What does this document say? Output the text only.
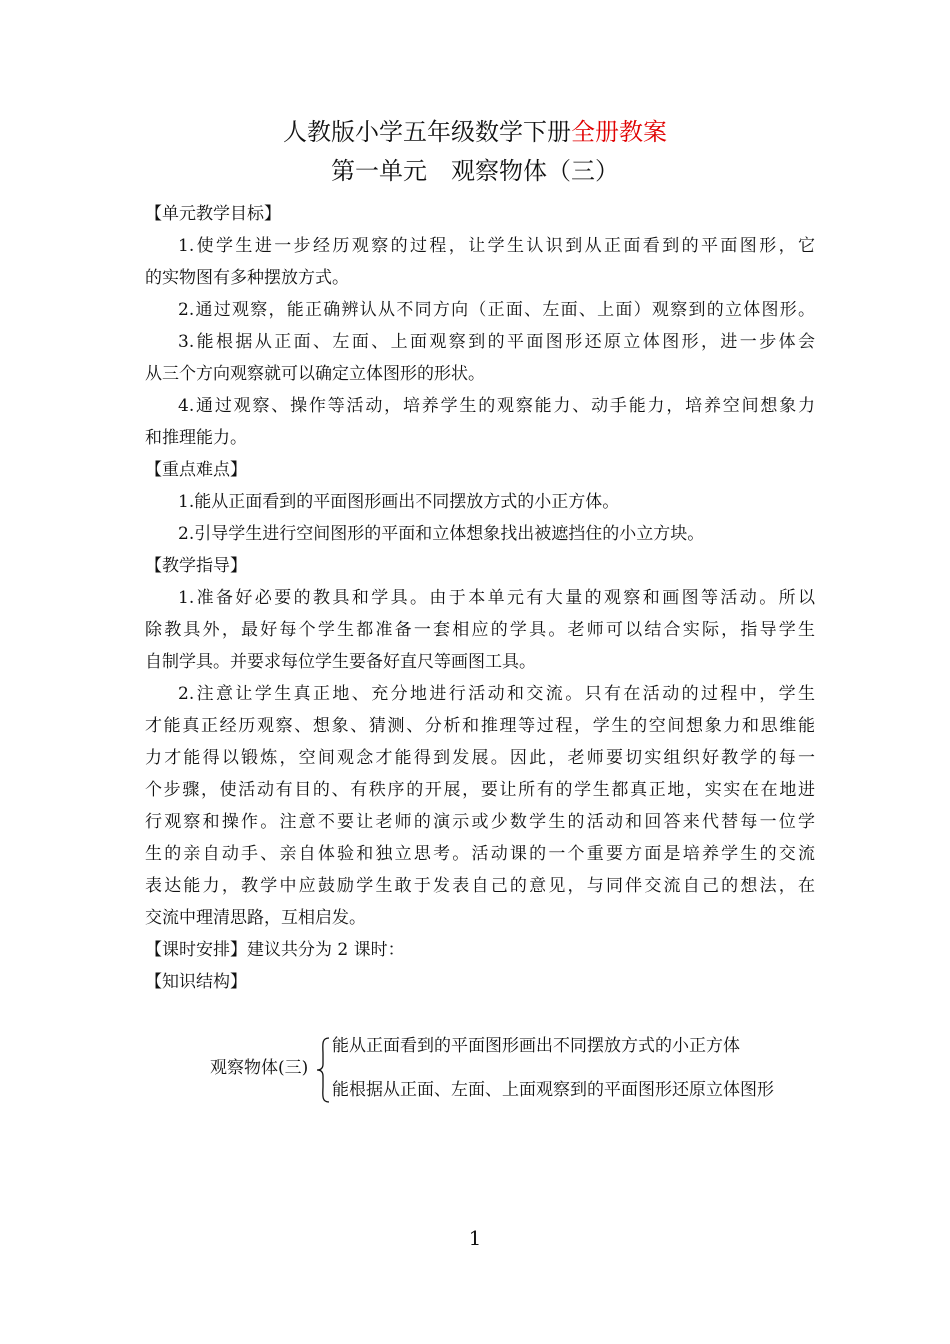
人教版小学五年级数学下册全册教案
第一单元　观察物体（三）
【单元教学目标】
1.使学生进一步经历观察的过程，让学生认识到从正面看到的平面图形，它
的实物图有多种摆放方式。
2.通过观察，能正确辨认从不同方向（正面、左面、上面）观察到的立体图形。
3.能根据从正面、左面、上面观察到的平面图形还原立体图形，进一步体会
从三个方向观察就可以确定立体图形的形状。
4.通过观察、操作等活动，培养学生的观察能力、动手能力，培养空间想象力
和推理能力。
【重点难点】
1.能从正面看到的平面图形画出不同摆放方式的小正方体。
2.引导学生进行空间图形的平面和立体想象找出被遮挡住的小立方块。
【教学指导】
1.准备好必要的教具和学具。由于本单元有大量的观察和画图等活动。所以
除教具外，最好每个学生都准备一套相应的学具。老师可以结合实际，指导学生
自制学具。并要求每位学生要备好直尺等画图工具。
2.注意让学生真正地、充分地进行活动和交流。只有在活动的过程中，学生
才能真正经历观察、想象、猜测、分析和推理等过程，学生的空间想象力和思维能
力才能得以锻炼，空间观念才能得到发展。因此，老师要切实组织好教学的每一
个步骤，使活动有目的、有秩序的开展，要让所有的学生都真正地，实实在在地进
行观察和操作。注意不要让老师的演示或少数学生的活动和回答来代替每一位学
生的亲自动手、亲自体验和独立思考。活动课的一个重要方面是培养学生的交流
表达能力，教学中应鼓励学生敢于发表自己的意见，与同伴交流自己的想法，在
交流中理清思路，互相启发。
【课时安排】建议共分为 2 课时：
【知识结构】
观察物体(三)
能从正面看到的平面图形画出不同摆放方式的小正方体
能根据从正面、左面、上面观察到的平面图形还原立体图形
1
